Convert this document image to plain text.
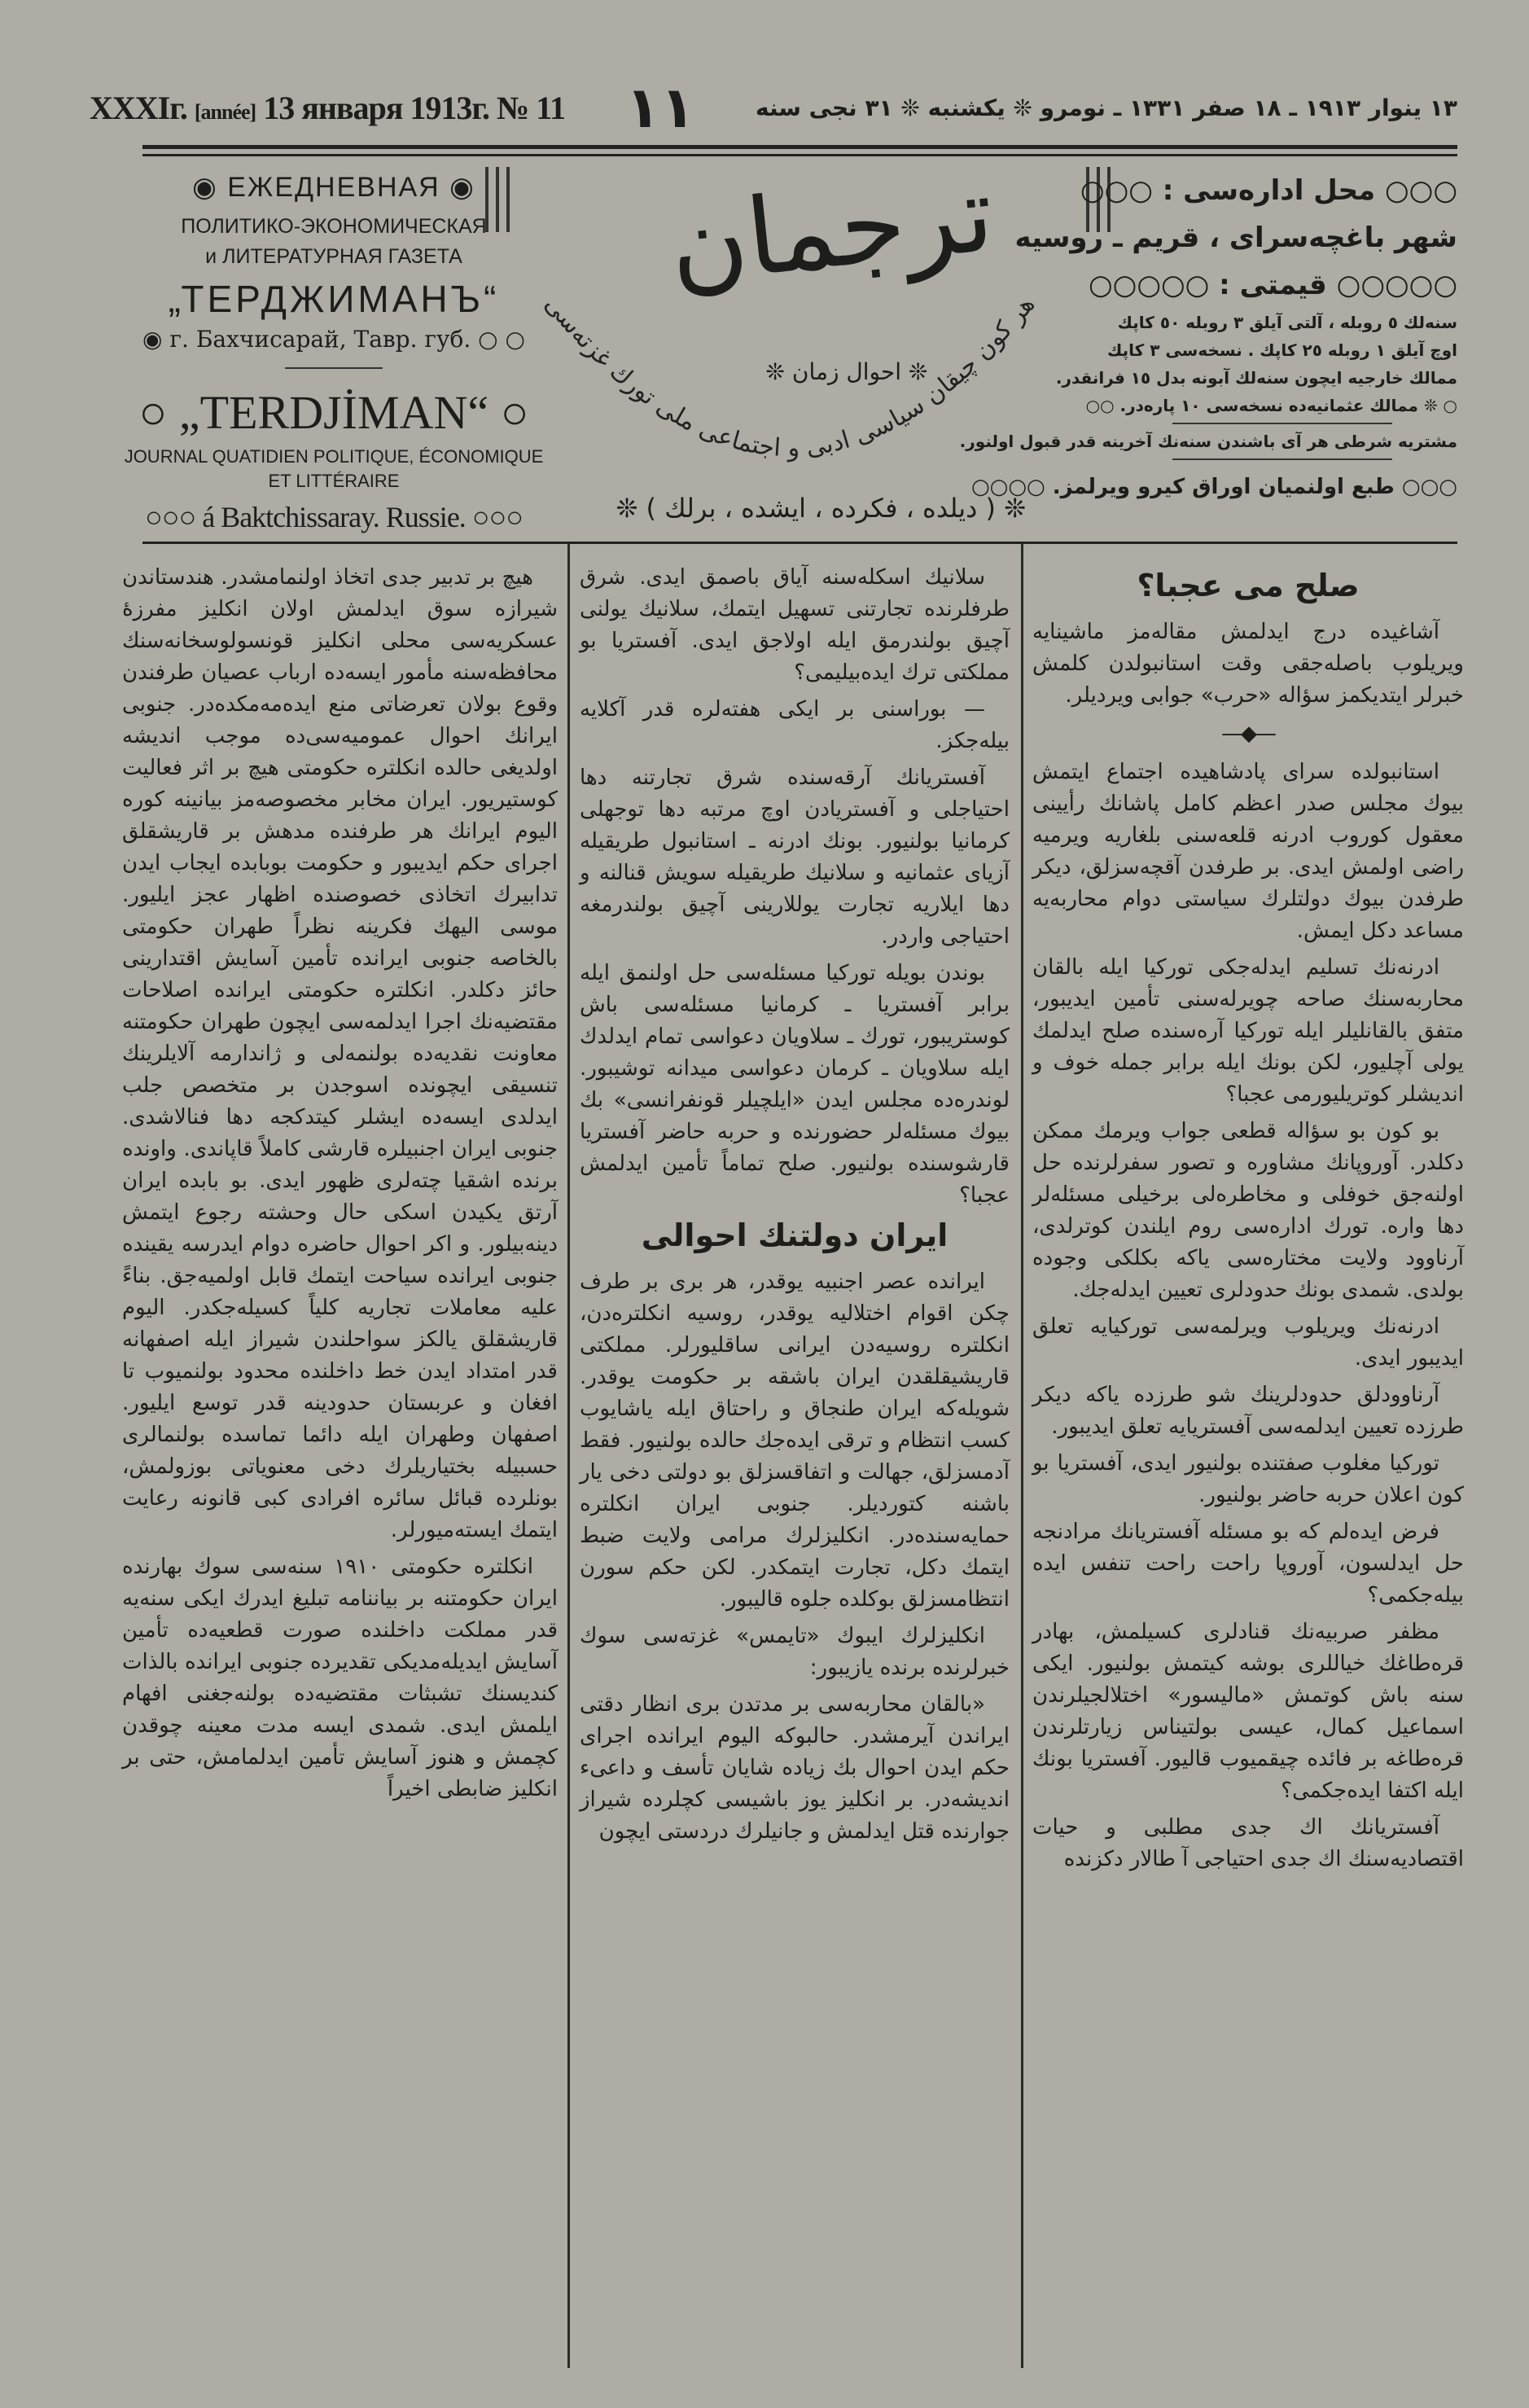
XXXIг. [année] 13 января 1913г. № 11 ١١	١٣ ينوار ١٩١٣ ـ ١٨ صفر ١٣٣١ ـ نومرو ❊ يكشنبه ❊ ٣١ نجى سنه
◉ ЕЖЕДНЕВНАЯ ◉
ПОЛИТИКО-ЭКОНОМИЧЕСКАЯ
и ЛИТЕРАТУРНАЯ ГАЗЕТА
„ТЕРДЖИМАНЪ“
◉ г. Бахчисарай, Тавр. губ. ○ ○
○ „TERDJİMAN“ ○
JOURNAL QUATIDIEN POLITIQUE, ÉCONOMIQUE ET LITTÉRAIRE
○○○ á Baktchissaray. Russie. ○○○
هر كون چيقان سياسى ادبى و اجتماعى ملى تورك غزته‌سى
ترجمان
❊ احوال زمان ❊
❊ ( ديلده ، فكرده ، ايشده ، برلك ) ❊
○○○ محل اداره‌سى : ○○○
شهر باغچه‌سراى ، قريم ـ روسيه
○○○○○ قيمتى : ○○○○○
سنه‌لك ٥ روبله ، آلتى آيلق ٣ روبله ٥٠ كاپك
اوچ آيلق ١ روبله ٢٥ كاپك . نسخه‌سى ٣ كاپك
ممالك خارجيه ايچون سنه‌لك آبونه بدل ١٥ فرانقدر.
○ ❊ ممالك عثمانيه‌ده نسخه‌سى ١٠ پاره‌در. ○○
مشتريه شرطى هر آى باشندن سنه‌نك آخرينه قدر قبول اولنور.
○○○ طبع اولنميان اوراق كيرو ويرلمز. ○○○○
صلح مى عجبا؟

آشاغيده درج ايدلمش مقاله‌مز ماشينايه ويريلوب باصله‌جقى وقت استانبولدن كلمش خبرلر ايتديكمز سؤاله «حرب» جوابى ويرديلر.

—◆—

استانبولده سراى پادشاهيده اجتماع ايتمش بيوك مجلس صدر اعظم كامل پاشانك رأيينى معقول كوروب ادرنه قلعه‌سنى بلغاريه ويرميه راضى اولمش ايدى. بر طرفدن آقچه‌سزلق، ديكر طرفدن بيوك دولتلرك سياستى دوام محاربه‌يه مساعد دكل ايمش.

ادرنه‌نك تسليم ايدله‌جكى توركيا ايله بالقان محاربه‌سنك صاحه چويرله‌سنى تأمين ايديبور، متفق بالقانليلر ايله توركيا آره‌سنده صلح ايدلمك يولى آچليور، لكن بونك ايله برابر جمله خوف و انديشلر كوتريليورمى عجبا؟

بو كون بو سؤاله قطعى جواب ويرمك ممكن دكلدر. آوروپانك مشاوره و تصور سفرلرنده حل اولنه‌جق خوفلى و مخاطره‌لى برخيلى مسئله‌لر دها واره. تورك اداره‌سى روم ايلندن كوترلدى، آرناوود ولايت مختاره‌سى ياكه بكلكى وجوده بولدى. شمدى بونك حدودلرى تعيين ايدله‌جك.

ادرنه‌نك ويريلوب ويرلمه‌سى توركيايه تعلق ايديبور ايدى.

آرناوودلق حدودلرينك شو طرزده ياكه ديكر طرزده تعيين ايدلمه‌سى آفستريايه تعلق ايديبور.

توركيا مغلوب صفتنده بولنيور ايدى، آفستريا بو كون اعلان حربه حاضر بولنيور.

فرض ايده‌لم كه بو مسئله آفستريانك مرادنجه حل ايدلسون، آوروپا راحت راحت تنفس ايده بيله‌جكمى؟

مظفر صربيه‌نك قنادلرى كسيلمش، بهادر قره‌طاغك خياللرى بوشه كيتمش بولنيور. ايكى سنه باش كوتمش «ماليسور» اختلالجيلرندن اسماعيل كمال، عيسى بولتيناس زيارتلرندن قره‌طاغه بر فائده چيقميوب قاليور. آفستريا بونك ايله اكتفا ايده‌جكمى؟

آفستريانك اك جدى مطلبى و حيات اقتصاديه‌سنك اك جدى احتياجى آ طالار دكزنده

سلانيك اسكله‌سنه آياق باصمق ايدى. شرق طرفلرنده تجارتنى تسهيل ايتمك، سلانيك يولنى آچيق بولندرمق ايله اولاجق ايدى. آفستريا بو مملكتى ترك ايده‌بيليمى؟

— بوراسنى بر ايكى هفته‌لره قدر آكلايه بيله‌جكز.

آفستريانك آرقه‌سنده شرق تجارتنه دها احتياجلى و آفستريادن اوچ مرتبه دها توجهلى كرمانيا بولنيور. بونك ادرنه ـ استانبول طريقيله آزياى عثمانيه و سلانيك طريقيله سويش قنالنه و دها ايلاريه تجارت يوللارينى آچيق بولندرمغه احتياجى واردر.

بوندن بويله توركيا مسئله‌سى حل اولنمق ايله برابر آفستريا ـ كرمانيا مسئله‌سى باش كوستريبور، تورك ـ سلاويان دعواسى تمام ايدلدك ايله سلاويان ـ كرمان دعواسى ميدانه توشيبور. لوندره‌ده مجلس ايدن «ايلچيلر قونفرانسى» بك بيوك مسئله‌لر حضورنده و حربه حاضر آفستريا قارشوسنده بولنيور. صلح تماماً تأمين ايدلمش عجبا؟

ايران دولتنك احوالى

ايرانده عصر اجنبيه يوقدر، هر برى بر طرف چكن اقوام اختلاليه يوقدر، روسيه انكلتره‌دن، انكلتره روسيه‌دن ايرانى ساقليورلر. مملكتى قاريشيقلقدن ايران باشقه بر حكومت يوقدر. شويله‌كه ايران طنجاق و راحتاق ايله ياشايوب كسب انتظام و ترقى ايده‌جك حالده بولنيور. فقط آدمسزلق، جهالت و اتفاقسزلق بو دولتى دخى يار باشنه كتورديلر. جنوبى ايران انكلتره حمايه‌سنده‌در. انكليزلرك مرامى ولايت ضبط ايتمك دكل، تجارت ايتمكدر. لكن حكم سورن انتظامسزلق بوكلده جلوه قاليبور.

انكليزلرك ايبوك «تايمس» غزته‌سى سوك خبرلرنده برنده يازيبور:

«بالقان محاربه‌سى بر مدتدن برى انظار دقتى ايراندن آيرمشدر. حالبوكه اليوم ايرانده اجراى حكم ايدن احوال بك زياده شايان تأسف و داعىء انديشه‌در. بر انكليز يوز باشيسى كچلرده شيراز جوارنده قتل ايدلمش و جانيلرك دردستى ايچون

هيچ بر تدبير جدى اتخاذ اولنمامشدر. هندستاندن شيرازه سوق ايدلمش اولان انكليز مفرزهٔ عسكريه‌سى محلى انكليز قونسولوسخانه‌سنك محافظه‌سنه مأمور ايسه‌ده ارباب عصيان طرفندن وقوع بولان تعرضاتى منع ايده‌مه‌مكده‌در. جنوبى ايرانك احوال عموميه‌سى‌ده موجب انديشه اولديغى حالده انكلتره حكومتى هيچ بر اثر فعاليت كوستيريور. ايران مخابر مخصوصه‌مز بيانينه كوره اليوم ايرانك هر طرفنده مدهش بر قاريشقلق اجراى حكم ايديبور و حكومت بوبابده ايجاب ايدن تدابيرك اتخاذى خصوصنده اظهار عجز ايليور. موسى اليهك فكرينه نظراً طهران حكومتى بالخاصه جنوبى ايرانده تأمين آسايش اقتدارينى حائز دكلدر. انكلتره حكومتى ايرانده اصلاحات مقتضيه‌نك اجرا ايدلمه‌سى ايچون طهران حكومتنه معاونت نقديه‌ده بولنمه‌لى و ژاندارمه آلايلرينك تنسيقى ايچونده اسوجدن بر متخصص جلب ايدلدى ايسه‌ده ايشلر كيتدكجه دها فنالاشدى. جنوبى ايران اجنبيلره قارشى كاملاً قاپاندى. واونده برنده اشقيا چته‌لرى ظهور ايدى. بو بابده ايران آرتق يكيدن اسكى حال وحشته رجوع ايتمش دينه‌بيلور. و اكر احوال حاضره دوام ايدرسه يقينده جنوبى ايرانده سياحت ايتمك قابل اولميه‌جق. بناءً عليه معاملات تجاريه كلياً كسيله‌جكدر. اليوم قاريشقلق يالكز سواحلندن شيراز ايله اصفهانه قدر امتداد ايدن خط داخلنده محدود بولنميوب تا افغان و عربستان حدودينه قدر توسع ايليور. اصفهان وطهران ايله دائما تماسده بولنمالرى حسبيله بختياريلرك دخى معنوياتى بوزولمش، بونلرده قبائل سائره افرادى كبى قانونه رعايت ايتمك ايسته‌ميورلر.

انكلتره حكومتى ١٩١٠ سنه‌سى سوك بهارنده ايران حكومتنه بر بياننامه تبليغ ايدرك ايكى سنه‌يه قدر مملكت داخلنده صورت قطعيه‌ده تأمين آسايش ايديله‌مديكى تقديرده جنوبى ايرانده بالذات كنديسنك تشبثات مقتضيه‌ده بولنه‌جغنى افهام ايلمش ايدى. شمدى ايسه مدت معينه چوقدن كچمش و هنوز آسايش تأمين ايدلمامش، حتى بر انكليز ضابطى اخيراً
